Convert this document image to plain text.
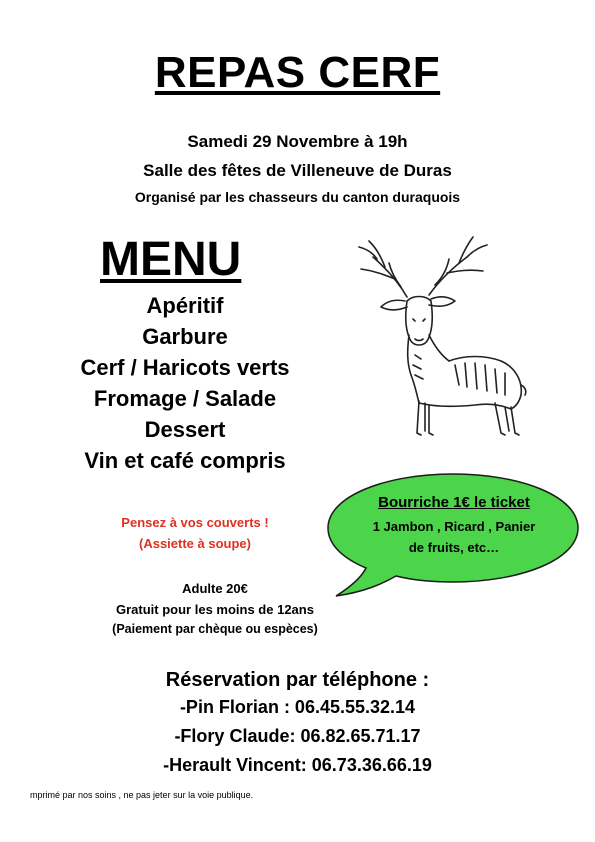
REPAS CERF
Samedi 29 Novembre à 19h
Salle des fêtes de Villeneuve de Duras
Organisé par les chasseurs du canton duraquois
MENU
Apéritif
Garbure
Cerf / Haricots verts
Fromage / Salade
Dessert
Vin et café compris
Bourriche 1€ le ticket
1 Jambon , Ricard , Panier
de fruits, etc…
Pensez à vos couverts !
(Assiette à soupe)
Adulte 20€
Gratuit pour les moins de 12ans
(Paiement par chèque ou espèces)
Réservation par téléphone :
-Pin Florian : 06.45.55.32.14
-Flory Claude: 06.82.65.71.17
-Herault Vincent: 06.73.36.66.19
mprimé par nos soins , ne pas jeter sur la voie publique.
